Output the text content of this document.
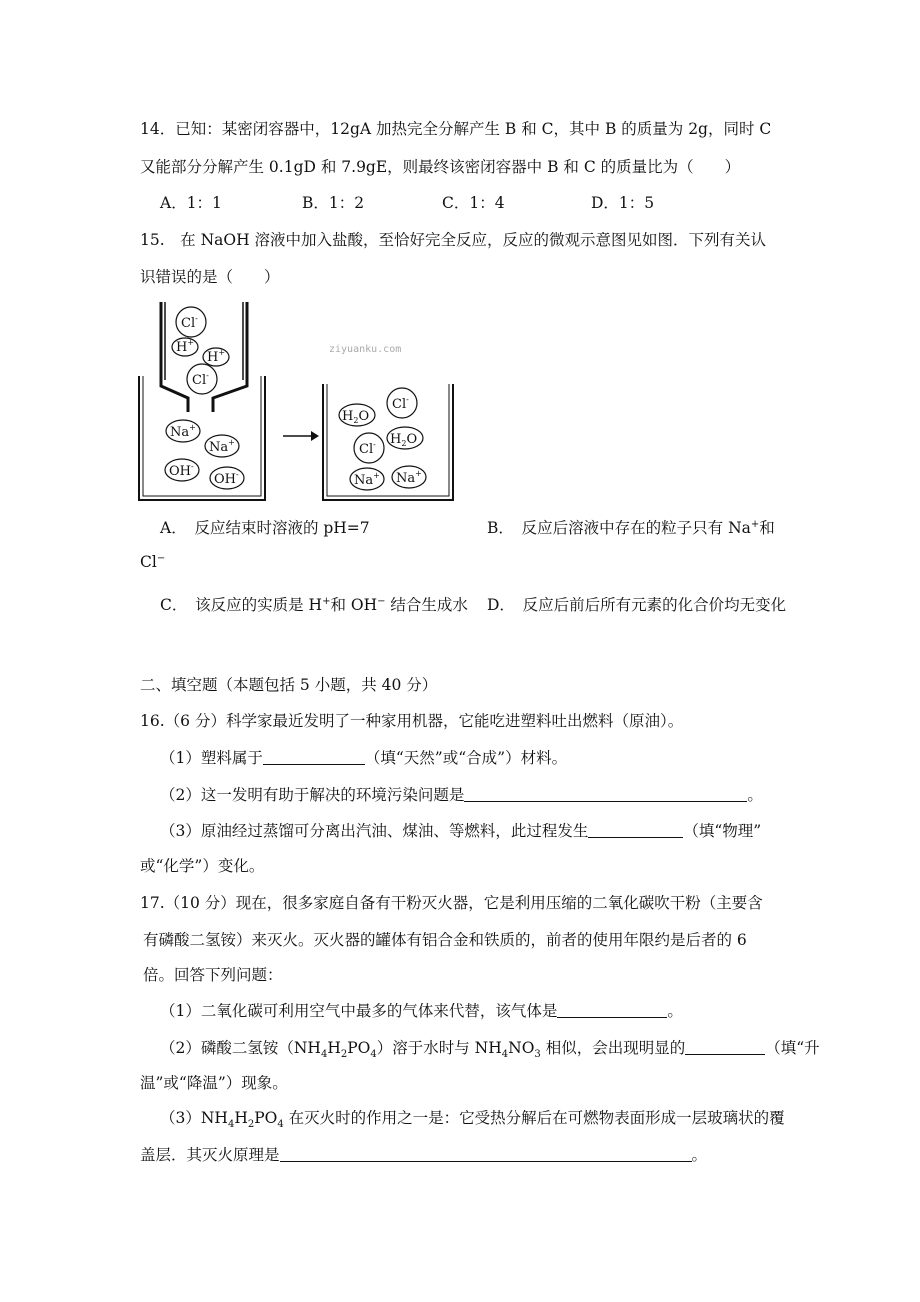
14．已知：某密闭容器中，12gA 加热完全分解产生 B 和 C，其中 B 的质量为 2g，同时 C
又能部分分解产生 0.1gD 和 7.9gE，则最终该密闭容器中 B 和 C 的质量比为（　　）
A．1：1	B．1：2	C．1：4	D．1：5
15.　在 NaOH 溶液中加入盐酸，至恰好完全反应，反应的微观示意图见如图．下列有关认
识错误的是（　　）
ziyuanku.com
Cl-
H+
H+
Cl-
Na+
Na+
OH-
OH-
$H_2O$
Cl-
Cl- $H_2O$
Na+ Na+
A．　反应结束时溶液的 pH=7	B．　反应后溶液中存在的粒子只有 Na+和
Cl−
C．　该反应的实质是 H+和 OH− 结合生成水 D．　反应后前后所有元素的化合价均无变化
二、填空题（本题包括 5 小题，共 40 分）
16.（6 分）科学家最近发明了一种家用机器，它能吃进塑料吐出燃料（原油）。
（1）塑料属于	（填“天然”或“合成”）材料。
（2）这一发明有助于解决的环境污染问题是	。
（3）原油经过蒸馏可分离出汽油、煤油、等燃料，此过程发生	（填“物理”
或“化学”）变化。
17.（10 分）现在，很多家庭自备有干粉灭火器，它是利用压缩的二氧化碳吹干粉（主要含
有磷酸二氢铵）来灭火。灭火器的罐体有铝合金和铁质的，前者的使用年限约是后者的 6
倍。回答下列问题：
（1）二氧化碳可利用空气中最多的气体来代替，该气体是	。
（2）磷酸二氢铵$(NH_4H_2PO_4)$溶于水时与 $NH_4NO_3$ 相似，会出现明显的	（填“升
温”或“降温”）现象。
$(3)NH_4H_2PO_4$ 在灭火时的作用之一是：它受热分解后在可燃物表面形成一层玻璃状的覆
盖层．其灭火原理是	。
